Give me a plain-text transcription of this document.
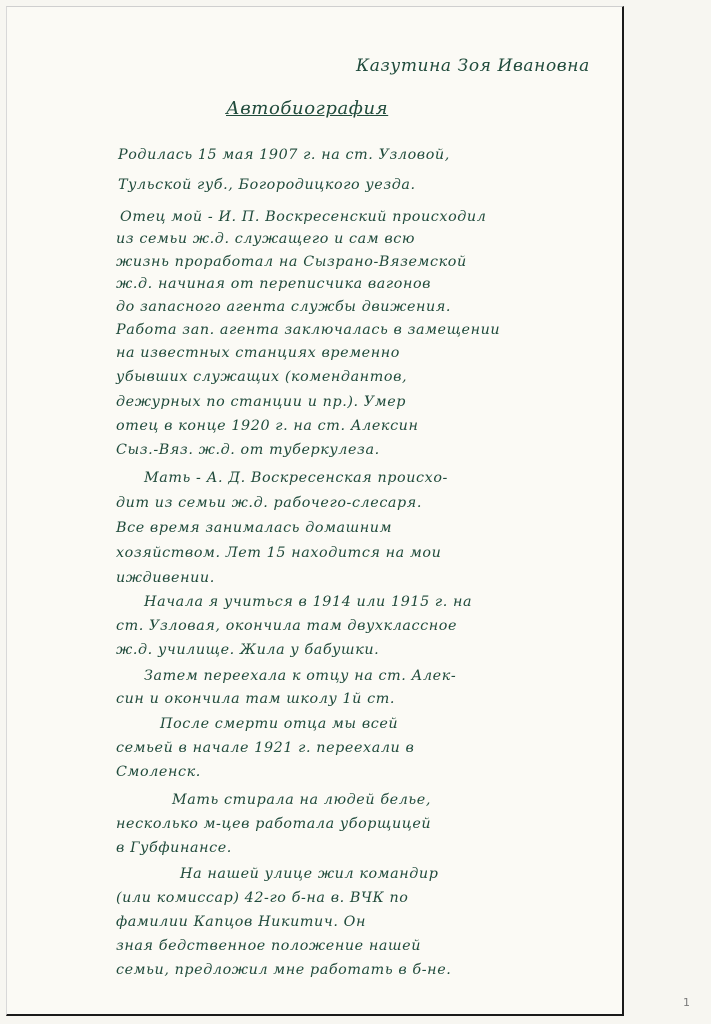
Казутина Зоя Ивановна
Автобиография
Родилась 15 мая 1907 г. на ст. Узловой,
Тульской губ., Богородицкого уезда.
Отец мой - И. П. Воскресенский происходил
из семьи ж.д. служащего и сам всю
жизнь проработал на Сызрано-Вяземской
ж.д. начиная от переписчика вагонов
до запасного агента службы движения.
Работа зап. агента заключалась в замещении
на известных станциях временно
убывших служащих (комендантов,
дежурных по станции и пр.). Умер
отец в конце 1920 г. на ст. Алексин
Сыз.-Вяз. ж.д. от туберкулеза.
Мать - А. Д. Воскресенская происхо-
дит из семьи ж.д. рабочего-слесаря.
Все время занималась домашним
хозяйством. Лет 15 находится на мои
иждивении.
Начала я учиться в 1914 или 1915 г. на
ст. Узловая, окончила там двухклассное
ж.д. училище. Жила у бабушки.
Затем переехала к отцу на ст. Алек-
син и окончила там школу 1й ст.
После смерти отца мы всей
семьей в начале 1921 г. переехали в
Смоленск.
Мать стирала на людей белье,
несколько м-цев работала уборщицей
в Губфинансе.
На нашей улице жил командир
(или комиссар) 42-го б-на в. ВЧК по
фамилии Капцов Никитич. Он
зная бедственное положение нашей
семьи, предложил мне работать в б-не.
1
